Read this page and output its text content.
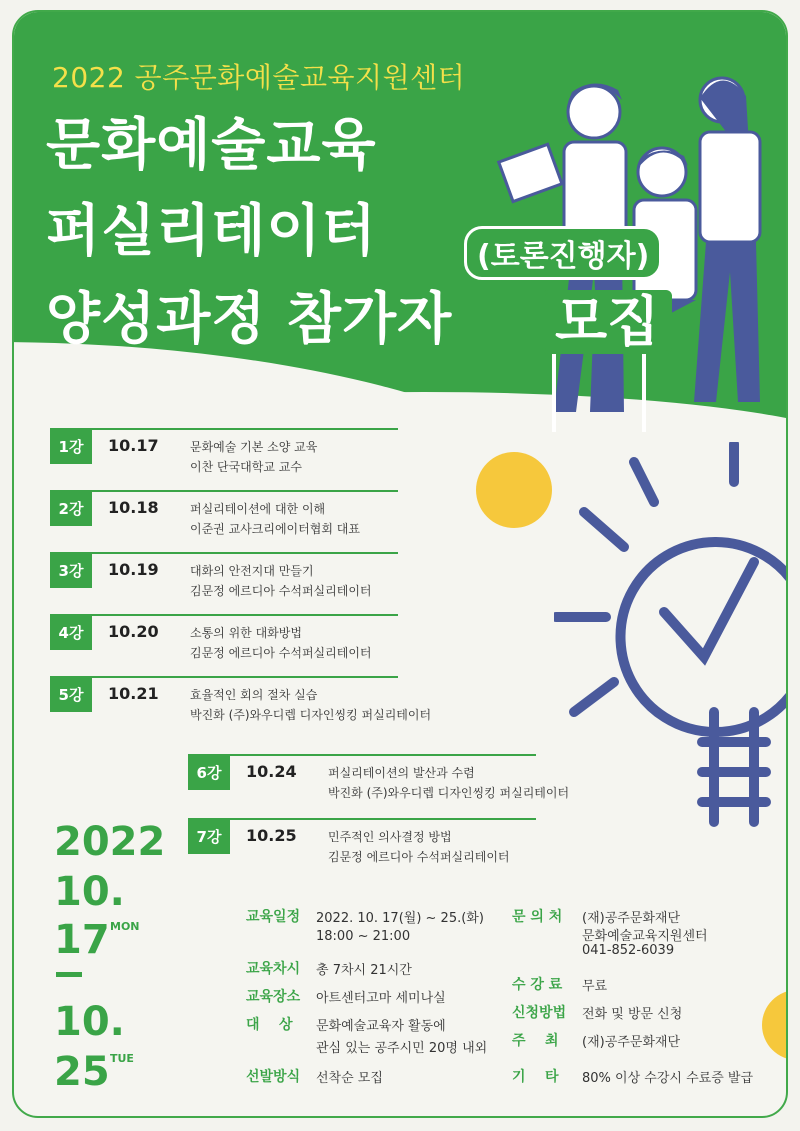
2022 공주문화예술교육지원센터
문화예술교육
퍼실리테이터	(토론진행자)
양성과정 참가자 모집
1강	10.17	문화예술 기본 소양 교육
이찬 단국대학교 교수
2강	10.18	퍼실리테이션에 대한 이해
이준권 교사크리에이터협회 대표
3강	10.19	대화의 안전지대 만들기
김문정 에르디아 수석퍼실리테이터
4강	10.20	소통의 위한 대화방법
김문정 에르디아 수석퍼실리테이터
5강	10.21	효율적인 회의 절차 실습
박진화 (주)와우디렙 디자인씽킹 퍼실리테이터
6강	10.24	퍼실리테이션의 발산과 수렴
박진화 (주)와우디렙 디자인씽킹 퍼실리테이터
7강	10.25	민주적인 의사결정 방법
김문정 에르디아 수석퍼실리테이터
2022
10.
17 MON
10.
25 TUE
교육일정 2022. 10. 17(월) ~ 25.(화)
18:00 ~ 21:00
교육차시 총 7차시 21시간
교육장소 아트센터고마 세미나실
대    상 문화예술교육자 활동에
관심 있는 공주시민 20명 내외
선발방식 선착순 모집
문 의 처 (재)공주문화재단
문화예술교육지원센터
041-852-6039
수 강 료 무료
신청방법 전화 및 방문 신청
주    최 (재)공주문화재단
기    타 80% 이상 수강시 수료증 발급
